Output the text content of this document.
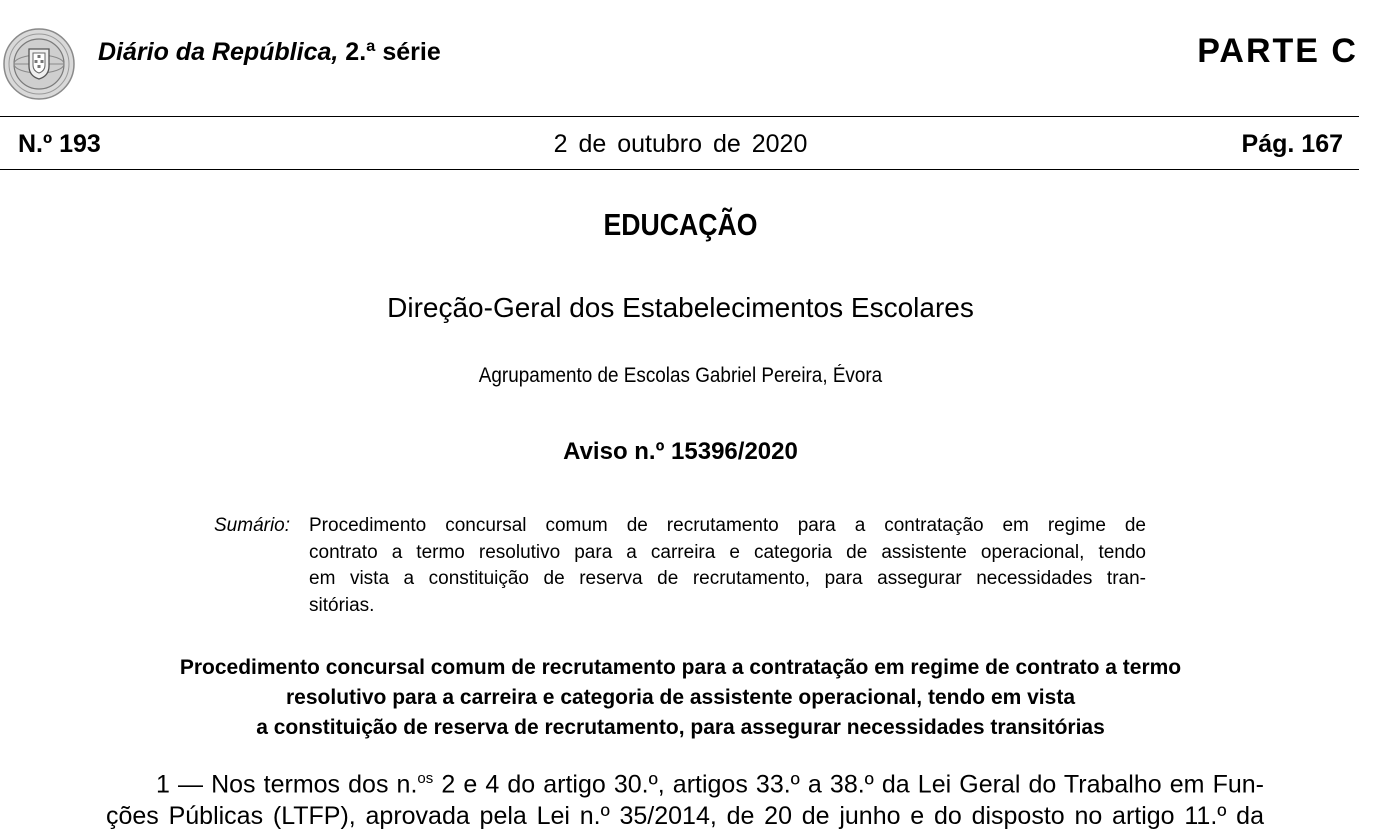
Diário da República, 2.ª série	PARTE C
N.º 193	2 de outubro de 2020	Pág. 167
EDUCAÇÃO
Direção-Geral dos Estabelecimentos Escolares
Agrupamento de Escolas Gabriel Pereira, Évora
Aviso n.º 15396/2020
Sumário: Procedimento concursal comum de recrutamento para a contratação em regime de
contrato a termo resolutivo para a carreira e categoria de assistente operacional, tendo
em vista a constituição de reserva de recrutamento, para assegurar necessidades tran-
sitórias.
Procedimento concursal comum de recrutamento para a contratação em regime de contrato a termo
resolutivo para a carreira e categoria de assistente operacional, tendo em vista
a constituição de reserva de recrutamento, para assegurar necessidades transitórias
1 — Nos termos dos n.$^{os}$ 2 e 4 do artigo 30.º, artigos 33.º a 38.º da Lei Geral do Trabalho em Fun-
ções Públicas (LTFP), aprovada pela Lei n.º 35/2014, de 20 de junho e do disposto no artigo 11.º da
